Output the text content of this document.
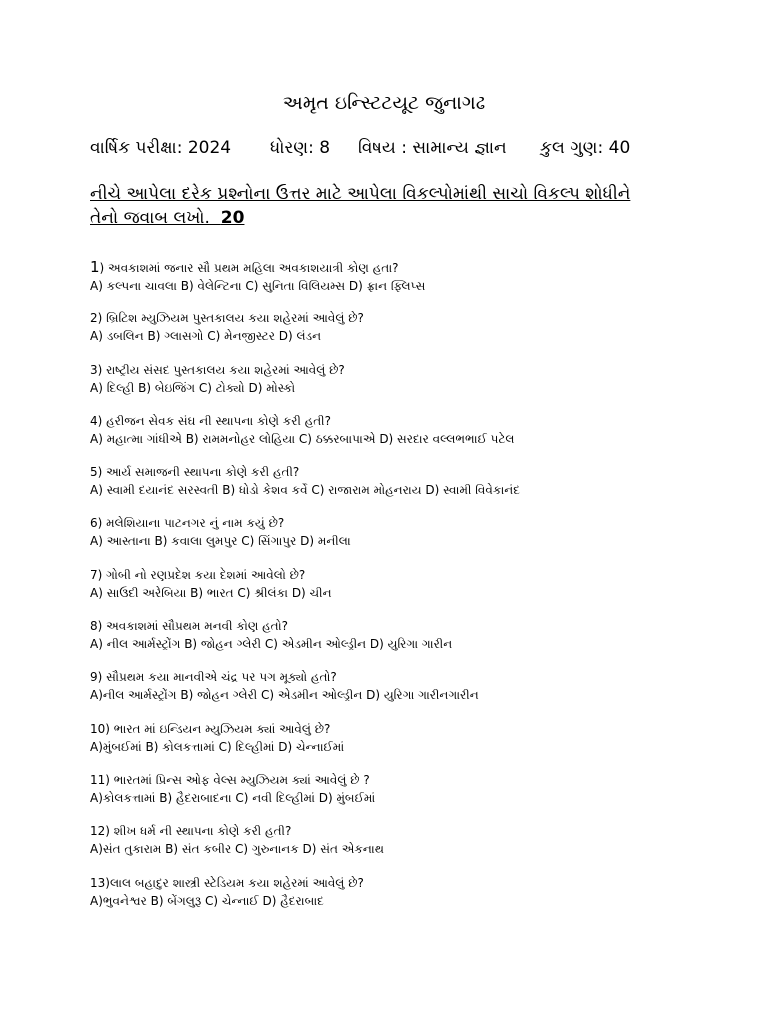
અમૃત ઇન્સ્ટિટયૂટ જુનાગઢ
વાર્ષિક પરીક્ષા: 2024 ધોરણ: 8 વિષય : સામાન્ય જ્ઞાન કુલ ગુણ: 40
નીચે આપેલા દરેક પ્રશ્નોના ઉત્તર માટે આપેલા વિકલ્પોમાંથી સાચો વિકલ્પ શોધીને તેનો જવાબ લખો. 20
1) અવકાશમાં જનાર સૌ પ્રથમ મહિલા અવકાશયાત્રી કોણ હતા?
A) કલ્પના ચાવલા B) વેલેન્ટિના C) સુનિતા વિલિયમ્સ D) ફ્રાન ફ્લિપ્સ
2) બ્રિટિશ મ્યુઝિયમ પુસ્તકાલય કયા શહેરમાં આવેલું છે?
A) ડબલિન B) ગ્લાસગો C) મેનજીસ્ટર D) લંડન
3) રાષ્ટ્રીય સંસદ પુસ્તકાલય કયા શહેરમાં આવેલું છે?
A) દિલ્હી B) બેઇજિંગ C) ટોક્યો D) મોસ્કો
4) હરીજન સેવક સંઘ ની સ્થાપના કોણે કરી હતી?
A) મહાત્મા ગાંધીએ B) રામમનોહર લોહિયા C) ઠક્કરબાપાએ D) સરદાર વલ્લભભાઈ પટેલ
5) આર્ય સમાજની સ્થાપના કોણે કરી હતી?
A) સ્વામી દયાનંદ સરસ્વતી B) ધોડો કેશવ કર્વે C) રાજારામ મોહનરાય D) સ્વામી વિવેકાનંદ
6) મલેશિયાના પાટનગર નું નામ કયું છે?
A) આસ્તાના B) કવાલા લુમપુર C) સિંગાપુર D) મનીલા
7) ગોબી નો રણપ્રદેશ કયા દેશમાં આવેલો છે?
A) સાઉદી અરેબિયા B) ભારત C) શ્રીલંકા D) ચીન
8) અવકાશમાં સૌપ્રથમ મનવી કોણ હતો?
A) નીલ આર્મસ્ટ્રોંગ B) જોહન ગ્લેરી C) એડમીન ઓલ્ડ્રીન D) યુરિગા ગારીન
9) સૌપ્રથમ કયા માનવીએ ચંદ્ર પર પગ મૂક્યો હતો?
A)નીલ આર્મસ્ટ્રોંગ B) જોહન ગ્લેરી C) એડમીન ઓલ્ડ્રીન D) યુરિગા ગારીનગારીન
10) ભારત માં ઇન્ડિયન મ્યુઝિયમ ક્યાં આવેલું છે?
A)મુંબઈમાં B) કોલકત્તામાં C) દિલ્હીમાં D) ચેન્નાઈમાં
11) ભારતમાં પ્રિન્સ ઓફ વેલ્સ મ્યુઝિયમ ક્યાં આવેલું છે ?
A)કોલકત્તામાં B) હૈદરાબાદના C) નવી દિલ્હીમાં D) મુંબઈમાં
12) શીખ ધર્મ ની સ્થાપના કોણે કરી હતી?
A)સંત તુકારામ B) સંત કબીર C) ગુરુનાનક D) સંત એકનાથ
13)લાલ બહાદુર શાસ્ત્રી સ્ટેડિયમ કયા શહેરમાં આવેલું છે?
A)ભુવનેશ્વર B) બેંગલુરૂ C) ચેન્નાઈ D) હૈદરાબાદ
